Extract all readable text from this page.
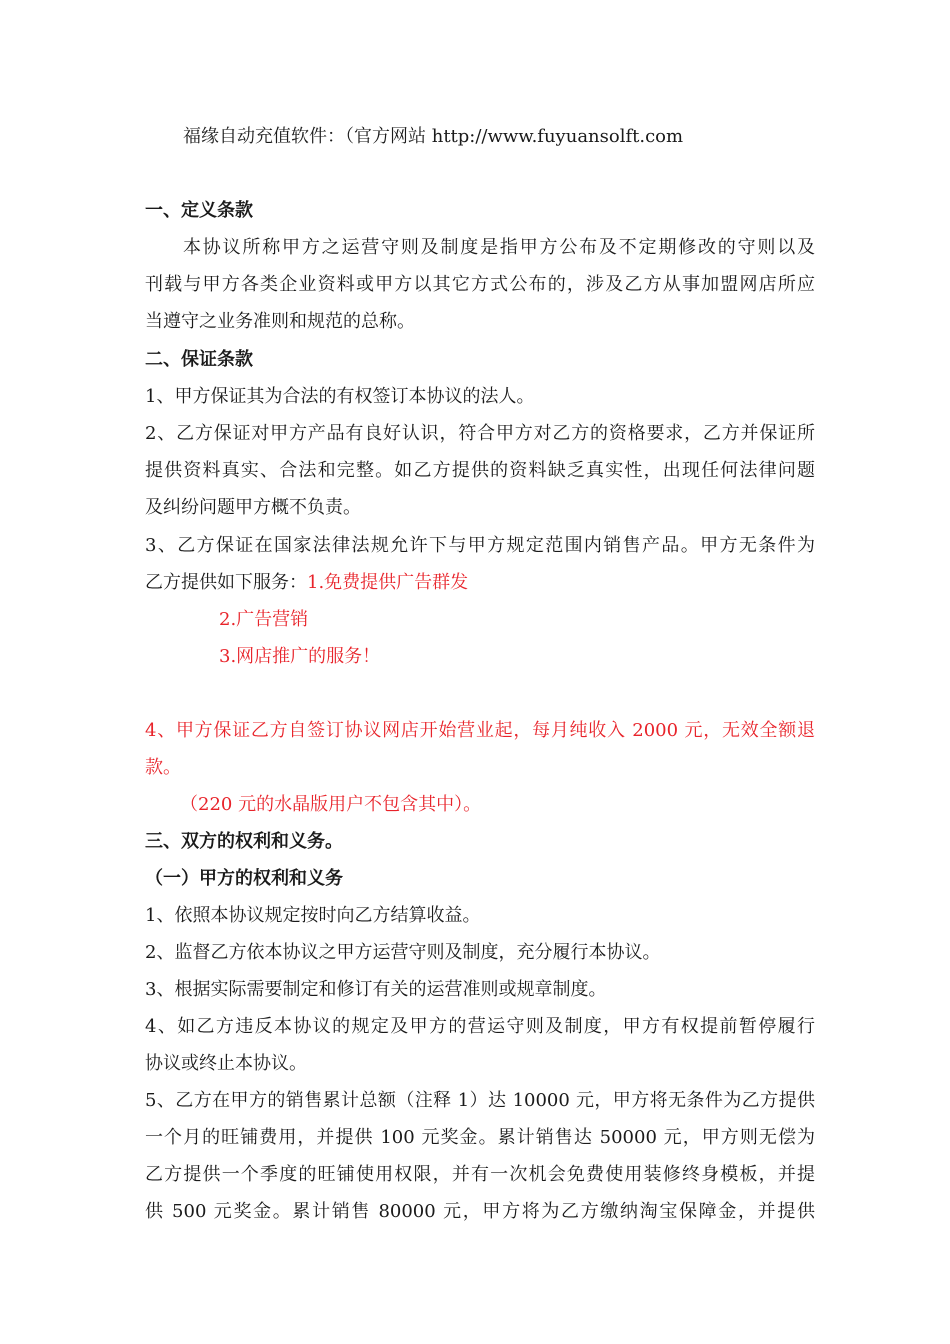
福缘自动充值软件：（官方网站 http://www.fuyuansolft.com
一、定义条款
本协议所称甲方之运营守则及制度是指甲方公布及不定期修改的守则以及
刊载与甲方各类企业资料或甲方以其它方式公布的，涉及乙方从事加盟网店所应
当遵守之业务准则和规范的总称。
二、保证条款
1、甲方保证其为合法的有权签订本协议的法人。
2、乙方保证对甲方产品有良好认识，符合甲方对乙方的资格要求，乙方并保证所
提供资料真实、合法和完整。如乙方提供的资料缺乏真实性，出现任何法律问题
及纠纷问题甲方概不负责。
3、乙方保证在国家法律法规允许下与甲方规定范围内销售产品。甲方无条件为
乙方提供如下服务：1.免费提供广告群发
2.广告营销
3.网店推广的服务！
4、甲方保证乙方自签订协议网店开始营业起，每月纯收入 2000 元，无效全额退
款。
（220 元的水晶版用户不包含其中）。
三、双方的权利和义务。
（一）甲方的权利和义务
1、依照本协议规定按时向乙方结算收益。
2、监督乙方依本协议之甲方运营守则及制度，充分履行本协议。
3、根据实际需要制定和修订有关的运营准则或规章制度。
4、如乙方违反本协议的规定及甲方的营运守则及制度，甲方有权提前暂停履行
协议或终止本协议。
5、乙方在甲方的销售累计总额（注释 1）达 10000 元，甲方将无条件为乙方提供
一个月的旺铺费用，并提供 100 元奖金。累计销售达 50000 元，甲方则无偿为
乙方提供一个季度的旺铺使用权限，并有一次机会免费使用装修终身模板，并提
供 500 元奖金。累计销售 80000 元，甲方将为乙方缴纳淘宝保障金，并提供
